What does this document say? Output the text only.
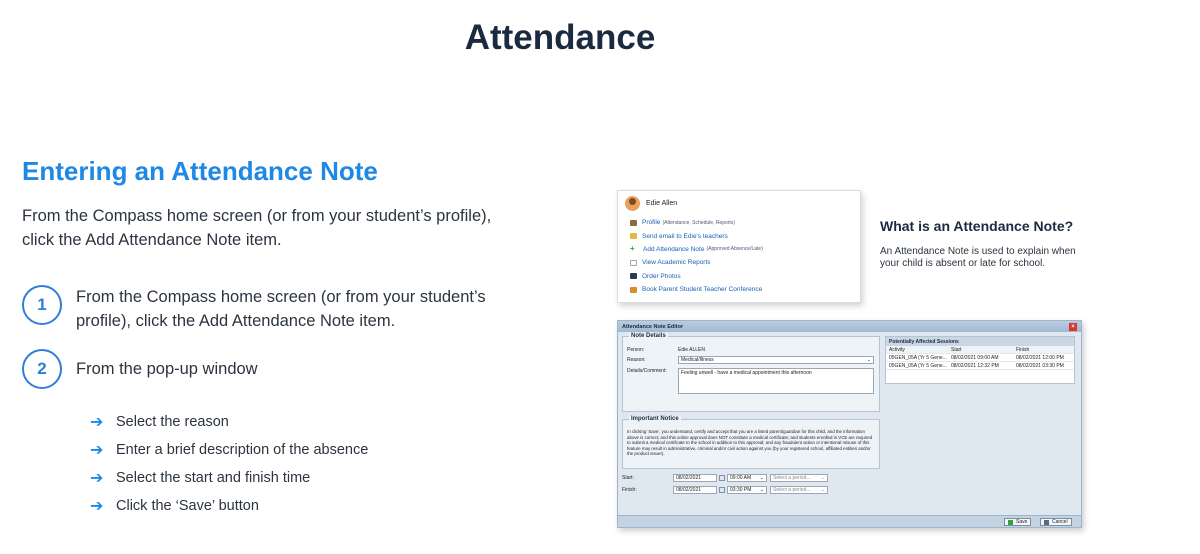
Attendance
Entering an Attendance Note
From the Compass home screen (or from your student’s profile), click the Add Attendance Note item.
1	From the Compass home screen (or from your student’s profile), click the Add Attendance Note item.
2	From the pop-up window
➔ Select the reason
➔ Enter a brief description of the absence
➔ Select the start and finish time
➔ Click the ‘Save’ button
Edie Allen
Profile (Attendance, Schedule, Reports)
Send email to Edie's teachers
+	Add Attendance Note (Approved Absence/Late)
View Academic Reports
Order Photos
Book Parent Student Teacher Conference
What is an Attendance Note?
An Attendance Note is used to explain when your child is absent or late for school.
Attendance Note Editor	×
Note Details
Person:	Edie ALLEN
Reason:	Medical/Illness	⌄
Details/Comment:	Feeling unwell - have a medical appointment this afternoon
Important Notice
In clicking 'Save', you understand, certify and accept that you are a listed parent/guardian for this child, and the information above is correct; and this online approval does NOT constitute a medical certificate; and students enrolled in VCE are required to submit a medical certificate to the school in addition to this approval; and any fraudulent action or intentional misuse of this feature may result in administrative, criminal and/or civil action against you (by your registered school, affiliated entities and/or the product issuer).
Start:	08/02/2021	09:00 AM ⌄ Select a period... ⌄
Finish:	08/02/2021	03:30 PM ⌄ Select a period... ⌄
Potentially Affected Sessions
Activity	Start	Finish
05GEN_05A (Yr 5 Gene... 08/02/2021 09:00 AM	08/02/2021 12:00 PM
05GEN_05A (Yr 5 Gene... 08/02/2021 12:32 PM	08/02/2021 03:30 PM
Save	Cancel
